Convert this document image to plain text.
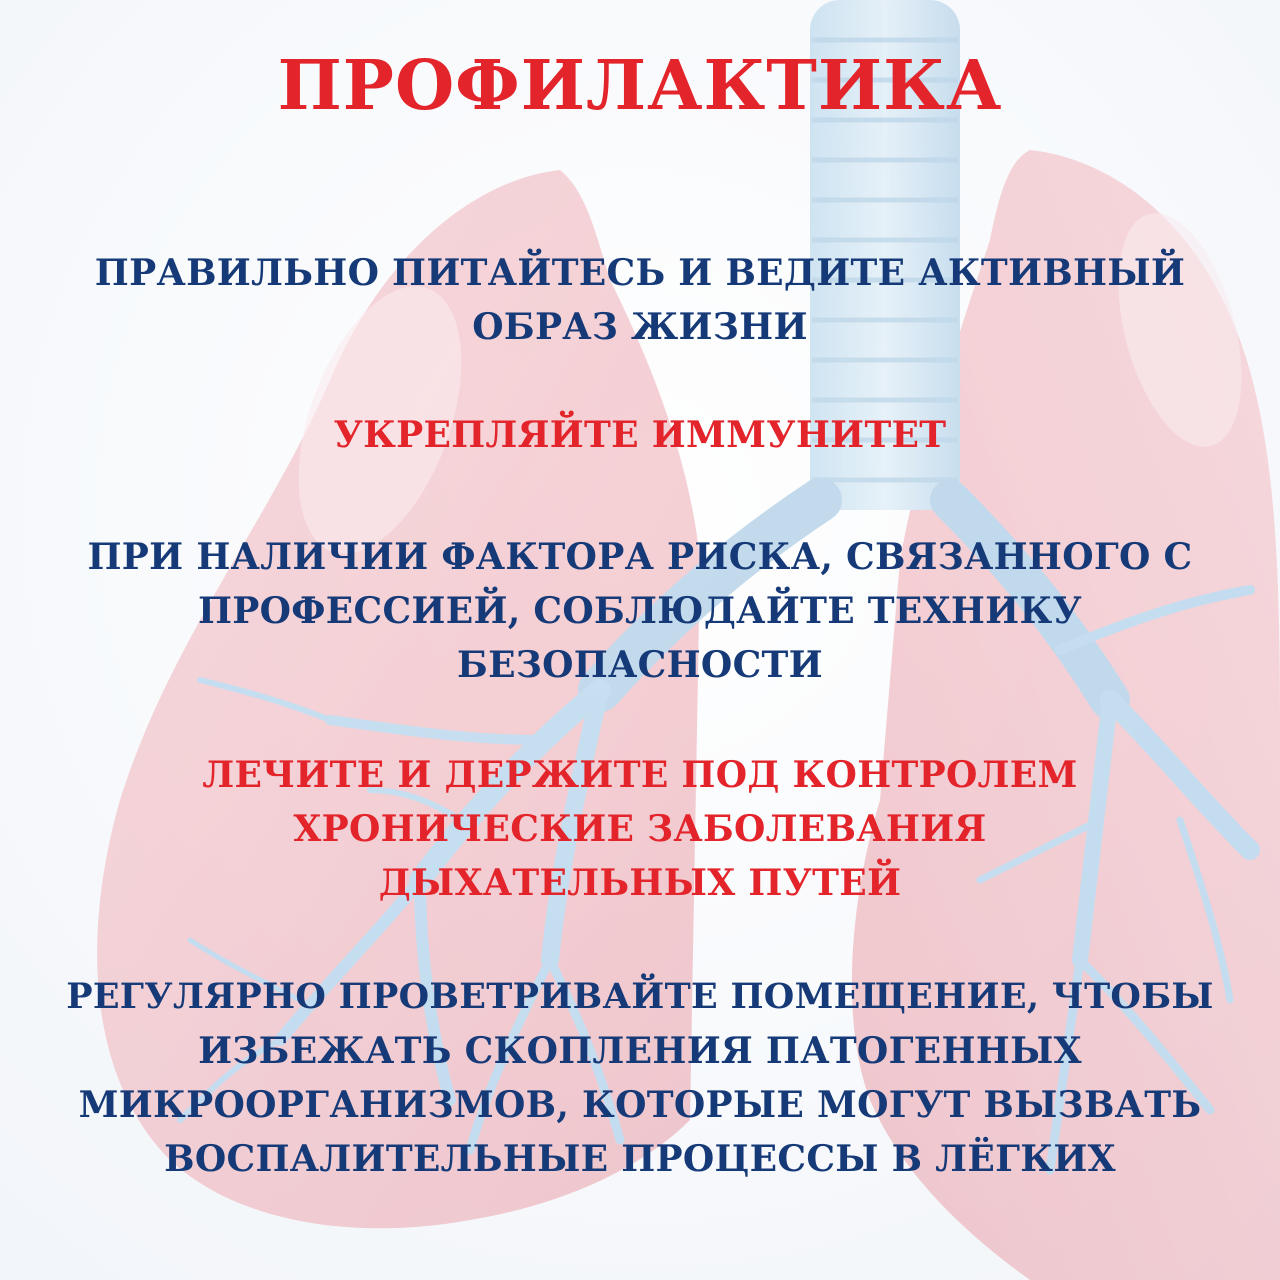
ПРОФИЛАКТИКА
ПРАВИЛЬНО ПИТАЙТЕСЬ И ВЕДИТЕ АКТИВНЫЙ
ОБРАЗ ЖИЗНИ
УКРЕПЛЯЙТЕ ИММУНИТЕТ
ПРИ НАЛИЧИИ ФАКТОРА РИСКА, СВЯЗАННОГО С
ПРОФЕССИЕЙ, СОБЛЮДАЙТЕ ТЕХНИКУ
БЕЗОПАСНОСТИ
ЛЕЧИТЕ И ДЕРЖИТЕ ПОД КОНТРОЛЕМ
ХРОНИЧЕСКИЕ ЗАБОЛЕВАНИЯ
ДЫХАТЕЛЬНЫХ ПУТЕЙ
РЕГУЛЯРНО ПРОВЕТРИВАЙТЕ ПОМЕЩЕНИЕ, ЧТОБЫ
ИЗБЕЖАТЬ СКОПЛЕНИЯ ПАТОГЕННЫХ
МИКРООРГАНИЗМОВ, КОТОРЫЕ МОГУТ ВЫЗВАТЬ
ВОСПАЛИТЕЛЬНЫЕ ПРОЦЕССЫ В ЛЁГКИХ
